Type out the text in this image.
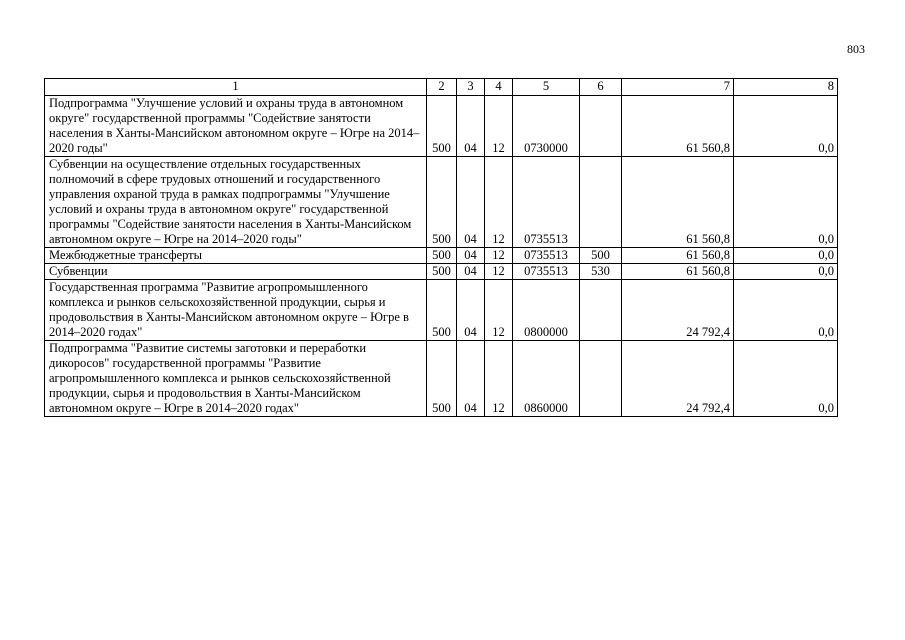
803
1	2	3	4	5	6	7	8
Подпрограмма "Улучшение условий и охраны труда в автономном округе" государственной программы "Содействие занятости населения в Ханты-Мансийском автономном округе – Югре на 2014–2020 годы"	500	04	12	0730000		61 560,8	0,0
Субвенции на осуществление отдельных государственных полномочий в сфере трудовых отношений и государственного управления охраной труда в рамках подпрограммы "Улучшение условий и охраны труда в автономном округе" государственной программы "Содействие занятости населения в Ханты-Мансийском автономном округе – Югре на 2014–2020 годы"	500	04	12	0735513		61 560,8	0,0
Межбюджетные трансферты	500	04	12	0735513	500	61 560,8	0,0
Субвенции	500	04	12	0735513	530	61 560,8	0,0
Государственная программа "Развитие агропромышленного комплекса и рынков сельскохозяйственной продукции, сырья и продовольствия в Ханты-Мансийском автономном округе – Югре в 2014–2020 годах"	500	04	12	0800000		24 792,4	0,0
Подпрограмма "Развитие системы заготовки и переработки дикоросов" государственной программы "Развитие агропромышленного комплекса и рынков сельскохозяйственной продукции, сырья и продовольствия в Ханты-Мансийском автономном округе – Югре в 2014–2020 годах"	500	04	12	0860000		24 792,4	0,0
